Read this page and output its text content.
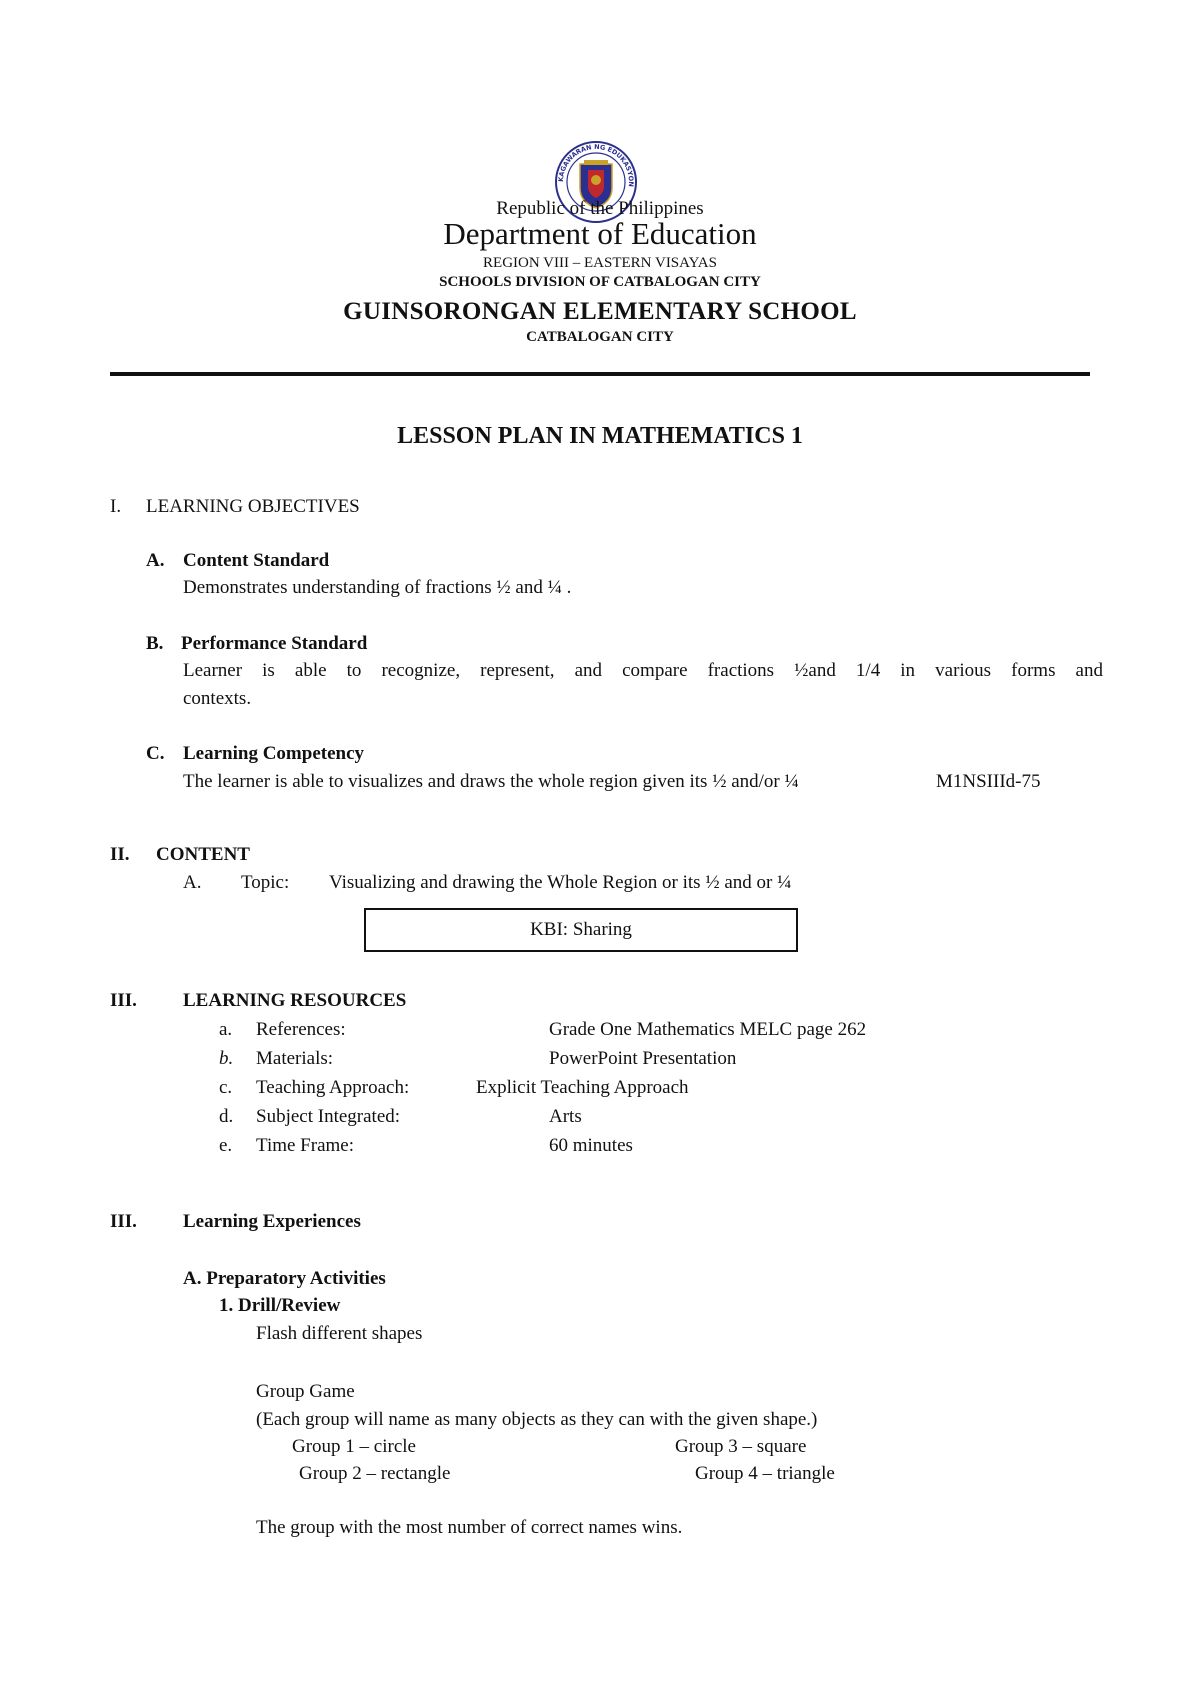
KAGAWARAN NG EDUKASYON
Republic of the Philippines
Department of Education
REGION VIII – EASTERN VISAYAS
SCHOOLS DIVISION OF CATBALOGAN CITY
GUINSORONGAN ELEMENTARY SCHOOL
CATBALOGAN CITY
LESSON PLAN IN MATHEMATICS 1
I. LEARNING OBJECTIVES
A. Content Standard
Demonstrates understanding of fractions ½ and ¼ .
B. Performance Standard
Learner is able to recognize, represent, and compare fractions ½and 1/4 in various forms and
contexts.
C. Learning Competency
The learner is able to visualizes and draws the whole region given its ½ and/or ¼	M1NSIIId-75
II. CONTENT
A. Topic: Visualizing and drawing the Whole Region or its ½ and or ¼
KBI: Sharing
III. LEARNING RESOURCES
a. References:	Grade One Mathematics MELC page 262
b. Materials:	PowerPoint Presentation
c. Teaching Approach:	Explicit Teaching Approach
d. Subject Integrated:	Arts
e. Time Frame:	60 minutes
III. Learning Experiences
A. Preparatory Activities
1. Drill/Review
Flash different shapes
Group Game
(Each group will name as many objects as they can with the given shape.)
Group 1 – circle	Group 3 – square
Group 2 – rectangle	Group 4 – triangle
The group with the most number of correct names wins.
